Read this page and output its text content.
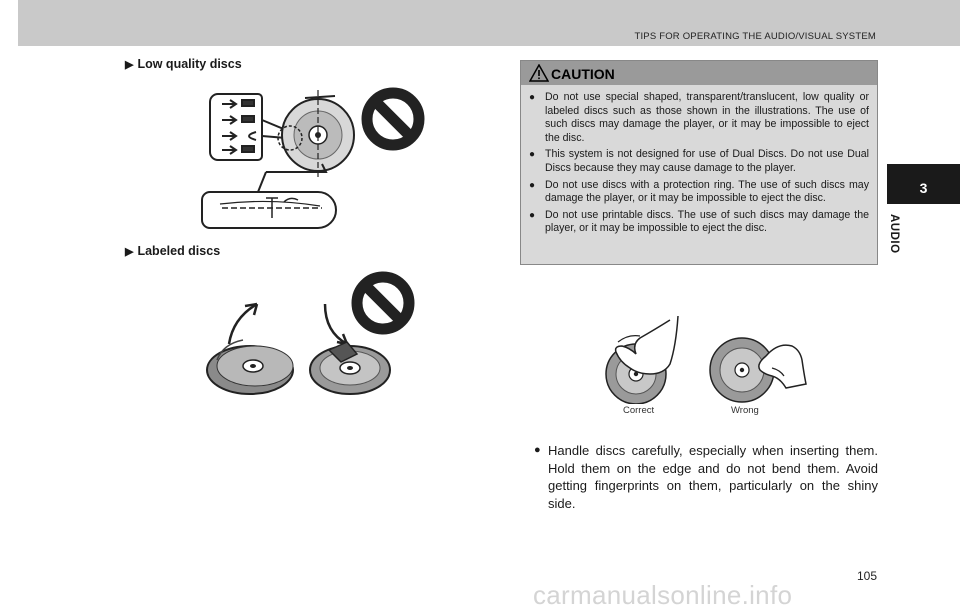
TIPS FOR OPERATING THE AUDIO/VISUAL SYSTEM
3
AUDIO
▶ Low quality discs
▶ Labeled discs
CAUTION
● Do not use special shaped, transparent/translucent, low quality or labeled discs such as those shown in the illustrations. The use of such discs may damage the player, or it may be impossible to eject the disc.
● This system is not designed for use of Dual Discs. Do not use Dual Discs because they may cause damage to the player.
● Do not use discs with a protection ring. The use of such discs may damage the player, or it may be impossible to eject the disc.
● Do not use printable discs. The use of such discs may damage the player, or it may be impossible to eject the disc.
Correct	Wrong
● Handle discs carefully, especially when inserting them. Hold them on the edge and do not bend them. Avoid getting fingerprints on them, particularly on the shiny side.
105
carmanualsonline.info
